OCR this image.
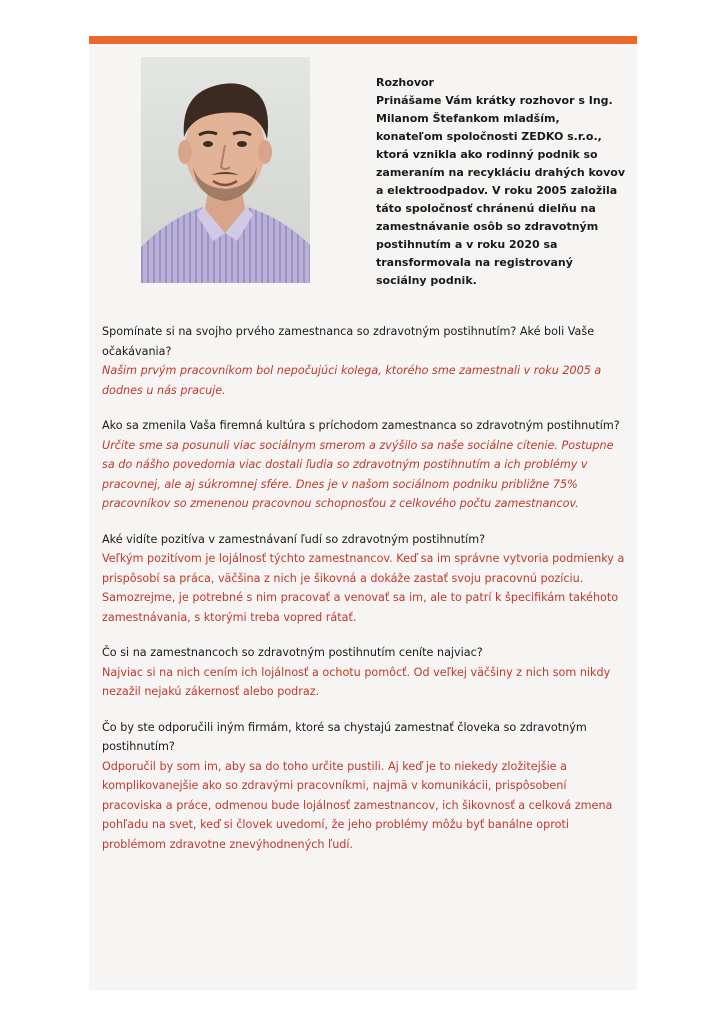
Rozhovor

Prinášame Vám krátky rozhovor s Ing. Milanom Štefankom mladším, konateľom spoločnosti ZEDKO s.r.o., ktorá vznikla ako rodinný podnik so zameraním na recykláciu drahých kovov a elektroodpadov. V roku 2005 založila táto spoločnosť chránenú dielňu na zamestnávanie osôb so zdravotným postihnutím a v roku 2020 sa transformovala na registrovaný sociálny podnik.

Spomínate si na svojho prvého zamestnanca so zdravotným postihnutím? Aké boli Vaše očakávania?

Našim prvým pracovníkom bol nepočujúci kolega, ktorého sme zamestnali v roku 2005 a dodnes u nás pracuje.

Ako sa zmenila Vaša firemná kultúra s príchodom zamestnanca so zdravotným postihnutím?

Určite sme sa posunuli viac sociálnym smerom a zvýšilo sa naše sociálne cítenie. Postupne sa do nášho povedomia viac dostali ľudia so zdravotným postihnutím a ich problémy v pracovnej, ale aj súkromnej sfére. Dnes je v našom sociálnom podniku približne 75% pracovníkov so zmenenou pracovnou schopnosťou z celkového počtu zamestnancov.

Aké vidíte pozitíva v zamestnávaní ľudí so zdravotným postihnutím?

Veľkým pozitívom je lojálnosť týchto zamestnancov. Keď sa im správne vytvoria podmienky a prispôsobí sa práca, väčšina z nich je šikovná a dokáže zastať svoju pracovnú pozíciu. Samozrejme, je potrebné s nim pracovať a venovať sa im, ale to patrí k špecifikám takéhoto zamestnávania, s ktorými treba vopred rátať.

Čo si na zamestnancoch so zdravotným postihnutím ceníte najviac?

Najviac si na nich cením ich lojálnosť a ochotu pomôcť. Od veľkej väčšiny z nich som nikdy nezažil nejakú zákernosť alebo podraz.

Čo by ste odporučili iným firmám, ktoré sa chystajú zamestnať človeka so zdravotným postihnutím?

Odporučil by som im, aby sa do toho určite pustili. Aj keď je to niekedy zložitejšie a komplikovanejšie ako so zdravými pracovníkmi, najmä v komunikácii, prispôsobení pracoviska a práce, odmenou bude lojálnosť zamestnancov, ich šikovnosť a celková zmena pohľadu na svet, keď si človek uvedomí, že jeho problémy môžu byť banálne oproti problémom zdravotne znevýhodnených ľudí.
